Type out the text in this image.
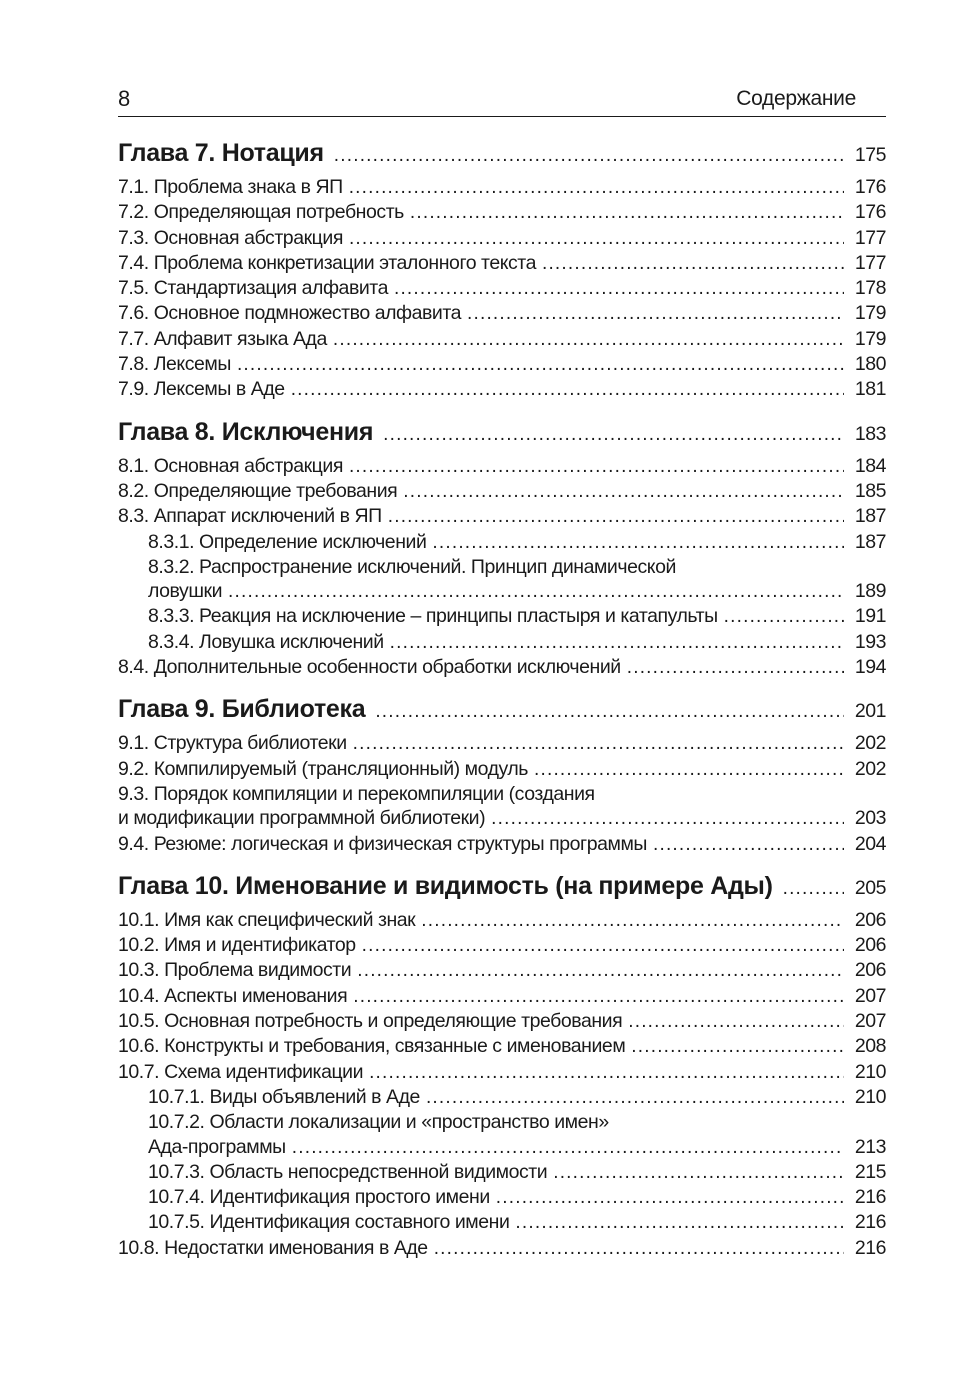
8	Содержание
Глава 7. Нотация .....	175
7.1. Проблема знака в ЯП .....	176
7.2. Определяющая потребность .....	176
7.3. Основная абстракция .....	177
7.4. Проблема конкретизации эталонного текста .....	177
7.5. Стандартизация алфавита .....	178
7.6. Основное подмножество алфавита .....	179
7.7. Алфавит языка Ада .....	179
7.8. Лексемы .....	180
7.9. Лексемы в Аде .....	181
Глава 8. Исключения .....	183
8.1. Основная абстракция .....	184
8.2. Определяющие требования .....	185
8.3. Аппарат исключений в ЯП .....	187
8.3.1. Определение исключений .....	187
8.3.2. Распространение исключений. Принцип динамической
ловушки .....	189
8.3.3. Реакция на исключение – принципы пластыря и катапульты .....	191
8.3.4. Ловушка исключений .....	193
8.4. Дополнительные особенности обработки исключений .....	194
Глава 9. Библиотека .....	201
9.1. Структура библиотеки .....	202
9.2. Компилируемый (трансляционный) модуль .....	202
9.3. Порядок компиляции и перекомпиляции (создания
и модификации программной библиотеки) .....	203
9.4. Резюме: логическая и физическая структуры программы .....	204
Глава 10. Именование и видимость (на примере Ады) .....	205
10.1. Имя как специфический знак .....	206
10.2. Имя и идентификатор .....	206
10.3. Проблема видимости .....	206
10.4. Аспекты именования .....	207
10.5. Основная потребность и определяющие требования .....	207
10.6. Конструкты и требования, связанные с именованием .....	208
10.7. Схема идентификации .....	210
10.7.1. Виды объявлений в Аде .....	210
10.7.2. Области локализации и «пространство имен»
Ада-программы .....	213
10.7.3. Область непосредственной видимости .....	215
10.7.4. Идентификация простого имени .....	216
10.7.5. Идентификация составного имени .....	216
10.8. Недостатки именования в Аде .....	216
